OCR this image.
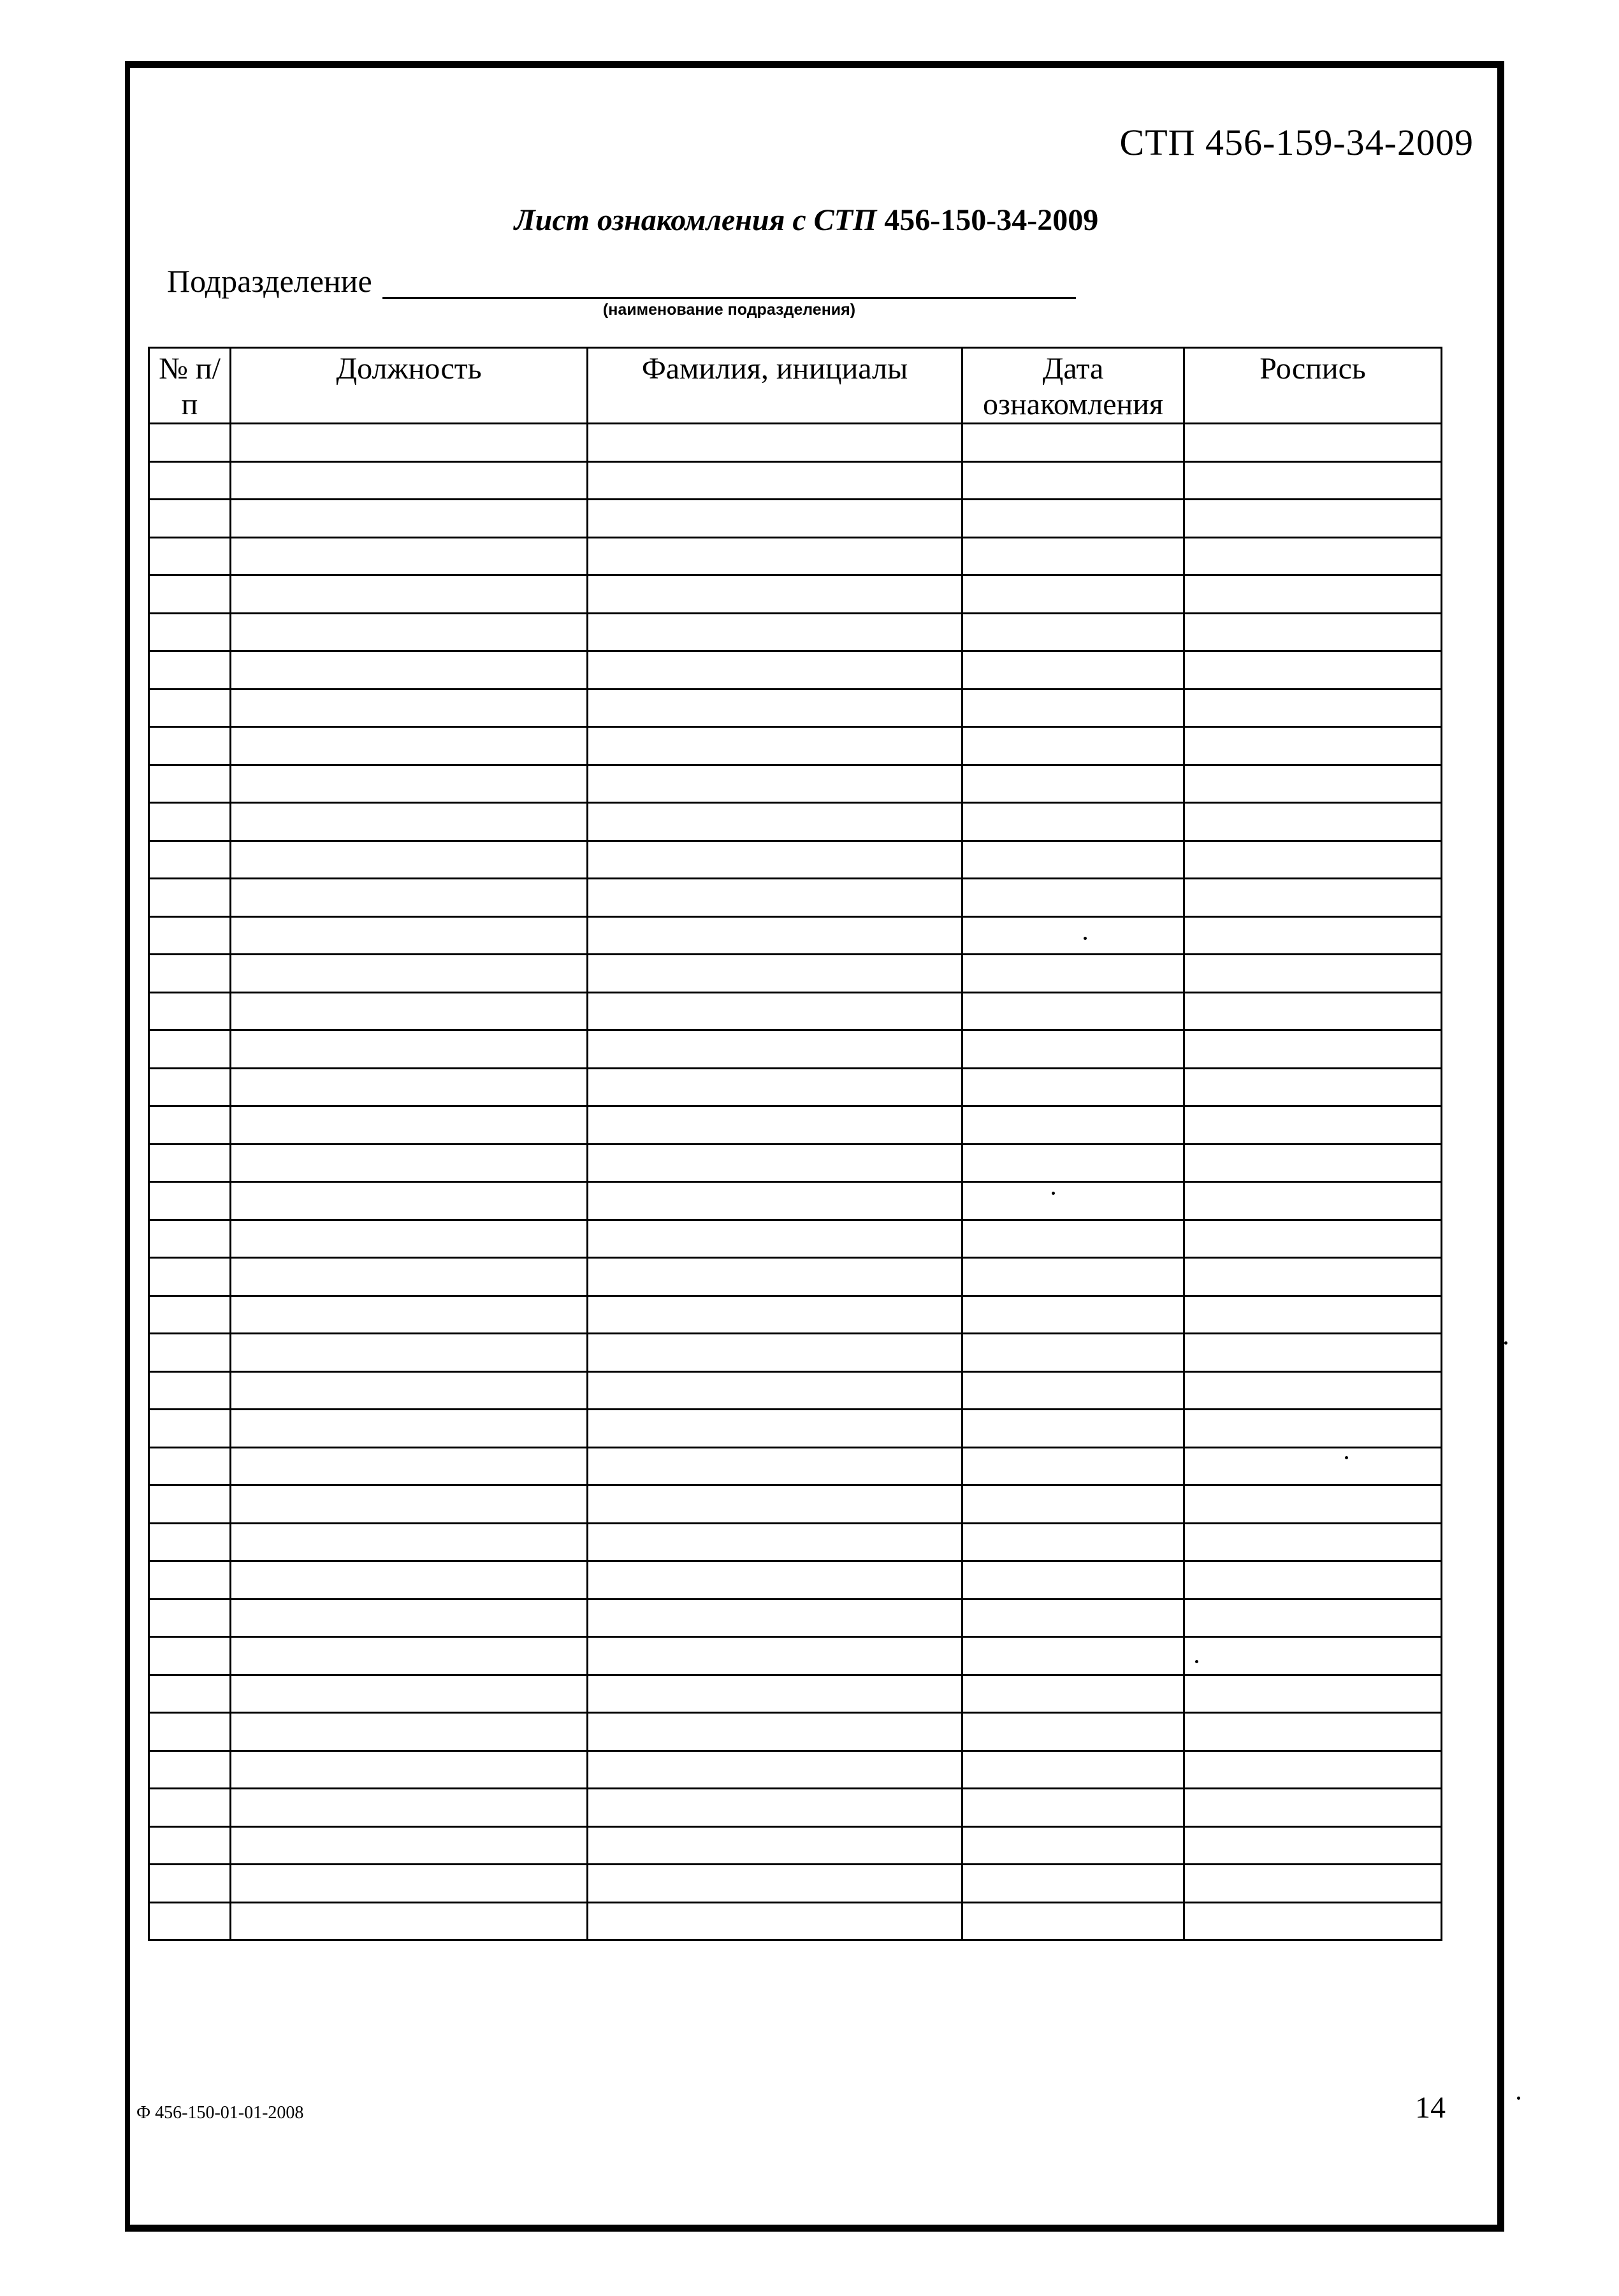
СТП 456-159-34-2009
Лист ознакомления с СТП 456-150-34-2009
Подразделение
(наименование подразделения)
№ п/п	Должность	Фамилия, инициалы	Дата ознакомления	Роспись

Ф 456-150-01-01-2008	14
